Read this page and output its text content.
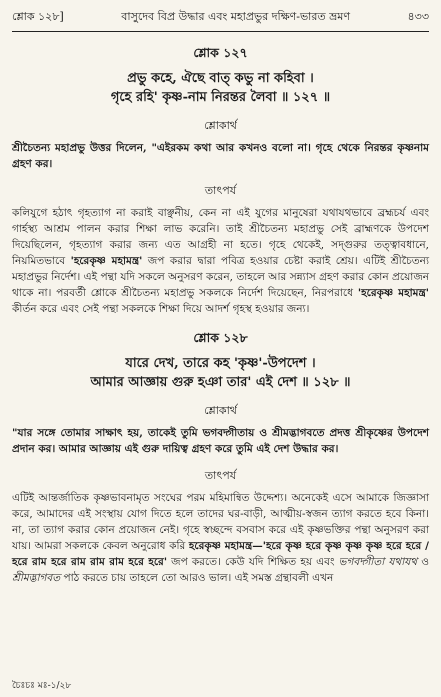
শ্লোক ১২৮]	বাসুদেব বিপ্র উদ্ধার এবং মহাপ্রভুর দক্ষিণ-ভারত ভ্রমণ	৪৩৩
শ্লোক ১২৭
প্রভু কহে, ঐছে বাত্ কভু না কহিবা ।
গৃহে রহি' কৃষ্ণ-নাম নিরন্তর লৈবা ॥ ১২৭ ॥
শ্লোকার্থ
শ্রীচৈতন্য মহাপ্রভু উত্তর দিলেন, "এইরকম কথা আর কখনও বলো না। গৃহে থেকে নিরন্তর কৃষ্ণনাম গ্রহণ কর।
তাৎপর্য
কলিযুগে হঠাৎ গৃহত্যাগ না করাই বাঞ্ছনীয়, কেন না এই যুগের মানুষেরা যথাযথভাবে ব্রহ্মচর্য এবং গার্হস্থ্য আশ্রম পালন করার শিক্ষা লাভ করেনি। তাই শ্রীচৈতন্য মহাপ্রভু সেই ব্রাহ্মণকে উপদেশ দিয়েছিলেন, গৃহত্যাগ করার জন্য এত আগ্রহী না হতে। গৃহে থেকেই, সদ্গুরুর তত্ত্বাবধানে, নিয়মিতভাবে 'হরেকৃষ্ণ মহামন্ত্র' জপ করার দ্বারা পবিত্র হওয়ার চেষ্টা করাই শ্রেয়। এটিই শ্রীচৈতন্য মহাপ্রভুর নির্দেশ। এই পন্থা যদি সকলে অনুসরণ করেন, তাহলে আর সন্ন্যাস গ্রহণ করার কোন প্রয়োজন থাকে না। পরবর্তী শ্লোকে শ্রীচৈতন্য মহাপ্রভু সকলকে নির্দেশ দিয়েছেন, নিরপরাধে 'হরেকৃষ্ণ মহামন্ত্র' কীর্তন করে এবং সেই পন্থা সকলকে শিক্ষা দিয়ে আদর্শ গৃহস্থ হওয়ার জন্য।
শ্লোক ১২৮
যারে দেখ, তারে কহ 'কৃষ্ণ'-উপদেশ ।
আমার আজ্ঞায় গুরু হঞা তার' এই দেশ ॥ ১২৮ ॥
শ্লোকার্থ
"যার সঙ্গে তোমার সাক্ষাৎ হয়, তাকেই তুমি ভগবদ্গীতায় ও শ্রীমদ্ভাগবতে প্রদত্ত শ্রীকৃষ্ণের উপদেশ প্রদান কর। আমার আজ্ঞায় এই গুরু দায়িত্ব গ্রহণ করে তুমি এই দেশ উদ্ধার কর।
তাৎপর্য
এটিই আন্তর্জাতিক কৃষ্ণভাবনামৃত সংঘের পরম মহিমান্বিত উদ্দেশ্য। অনেকেই এসে আমাকে জিজ্ঞাসা করে, আমাদের এই সংস্থায় যোগ দিতে হলে তাদের ঘর-বাড়ী, আত্মীয়-স্বজন ত্যাগ করতে হবে কিনা। না, তা ত্যাগ করার কোন প্রয়োজন নেই। গৃহে স্বচ্ছন্দে বসবাস করে এই কৃষ্ণভক্তির পন্থা অনুসরণ করা যায়। আমরা সকলকে কেবল অনুরোধ করি হরেকৃষ্ণ মহামন্ত্র—'হরে কৃষ্ণ হরে কৃষ্ণ কৃষ্ণ কৃষ্ণ হরে হরে / হরে রাম হরে রাম রাম রাম হরে হরে' জপ করতে। কেউ যদি শিক্ষিত হয় এবং ভগবদ্গীতা যথাযথ ও শ্রীমদ্ভাগবত পাঠ করতে চায় তাহলে তো আরও ভাল। এই সমস্ত গ্রন্থাবলী এখন
চৈঃচঃ মঃ-১/২৮
